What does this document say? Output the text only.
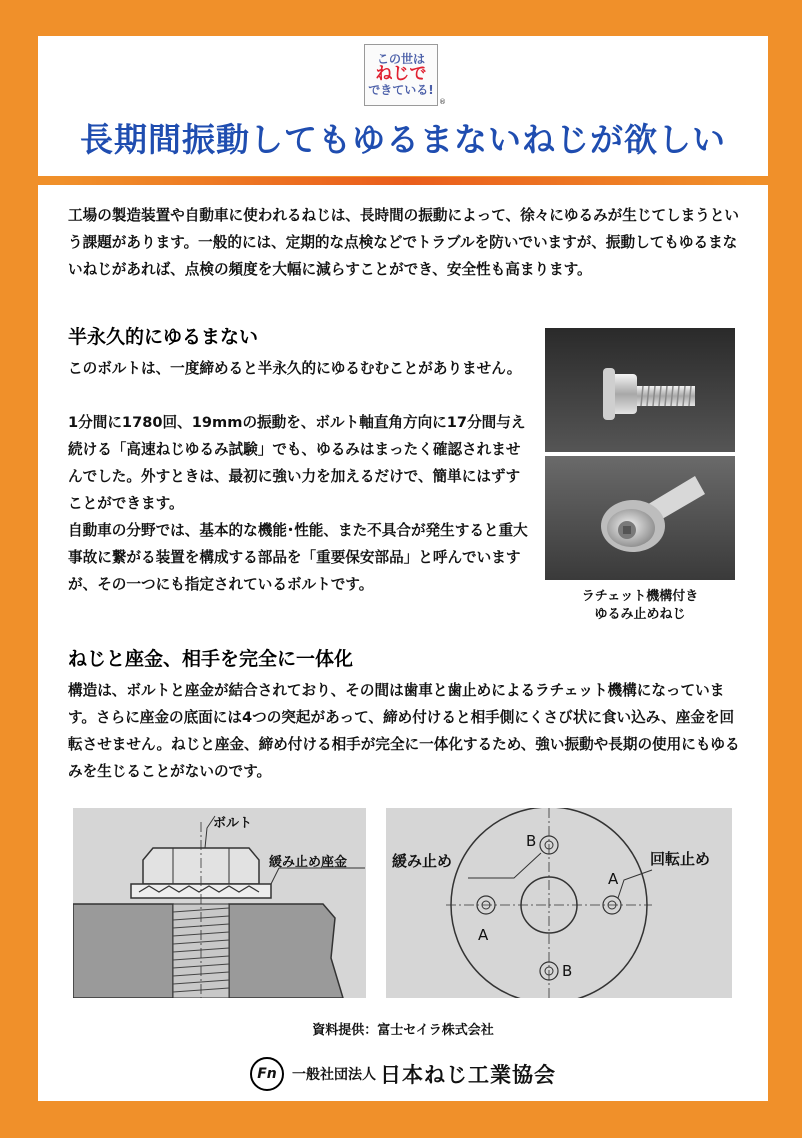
この世は
ねじで
できている!
®
長期間振動してもゆるまないねじが欲しい

工場の製造装置や自動車に使われるねじは、長時間の振動によって、徐々にゆるみが生じてしまうという課題があります。一般的には、定期的な点検などでトラブルを防いでいますが、振動してもゆるまないねじがあれば、点検の頻度を大幅に減らすことができ、安全性も高まります。

半永久的にゆるまない

このボルトは、一度締めると半永久的にゆるむむことがありません。

1分間に1780回、19mmの振動を、ボルト軸直角方向に17分間与え続ける「高速ねじゆるみ試験」でも、ゆるみはまったく確認されませんでした。外すときは、最初に強い力を加えるだけで、簡単にはずすことができます。

自動車の分野では、基本的な機能･性能、また不具合が発生すると重大事故に繋がる装置を構成する部品を「重要保安部品」と呼んでいますが、その一つにも指定されているボルトです。

ラチェット機構付き
ゆるみ止めねじ
ねじと座金、相手を完全に一体化

構造は、ボルトと座金が結合されており、その間は歯車と歯止めによるラチェット機構になっています。さらに座金の底面には4つの突起があって、締め付けると相手側にくさび状に食い込み、座金を回転させません。ねじと座金、締め付ける相手が完全に一体化するため、強い振動や長期の使用にもゆるみを生じることがないのです。

ボルト
緩み止め座金	緩み止め	回転止め
A
A
B
B
資料提供：富士セイラ株式会社
Fn	一般社団法人 日本ねじ工業協会
